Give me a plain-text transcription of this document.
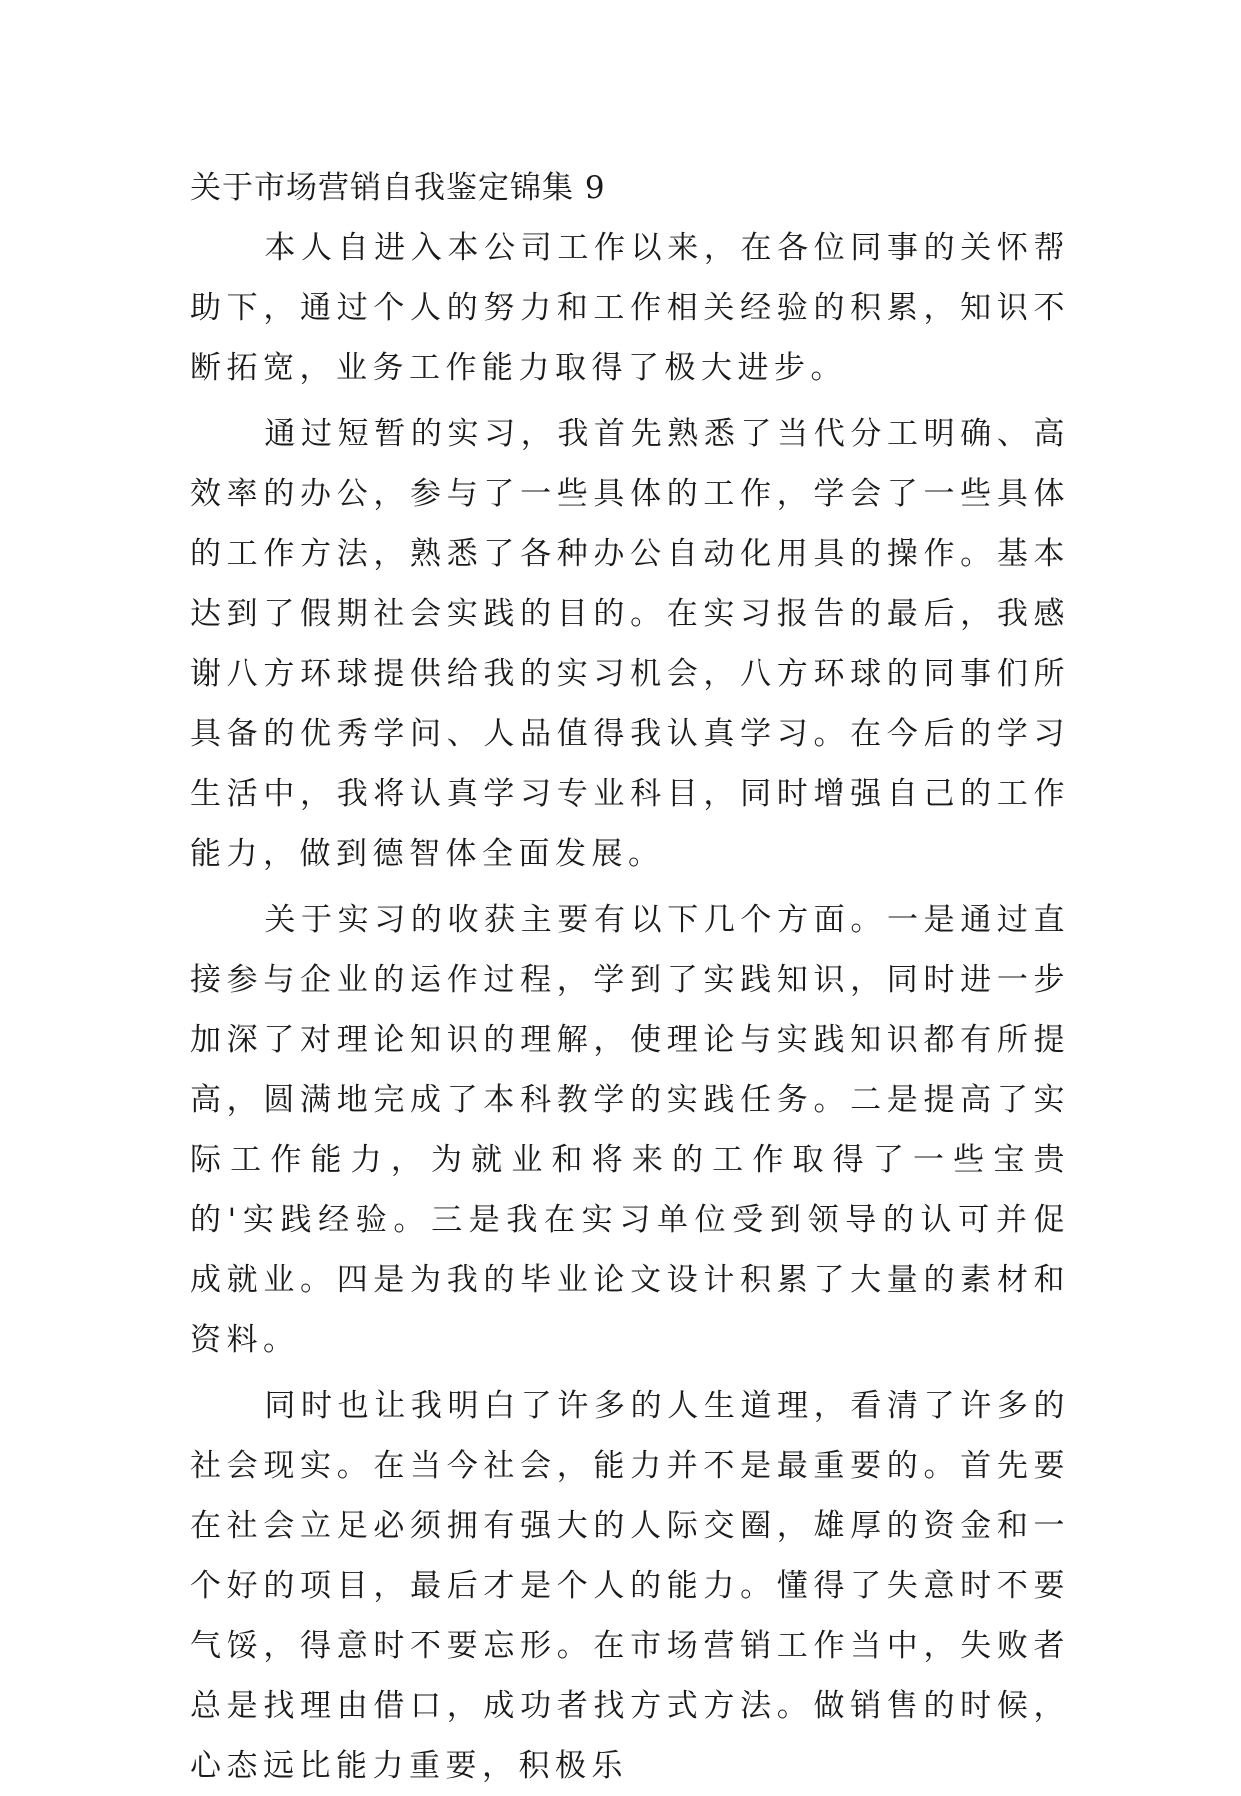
关于市场营销自我鉴定锦集 9

本人自进入本公司工作以来，在各位同事的关怀帮助下，通过个人的努力和工作相关经验的积累，知识不断拓宽，业务工作能力取得了极大进步。

通过短暂的实习，我首先熟悉了当代分工明确、高效率的办公，参与了一些具体的工作，学会了一些具体的工作方法，熟悉了各种办公自动化用具的操作。基本达到了假期社会实践的目的。在实习报告的最后，我感谢八方环球提供给我的实习机会，八方环球的同事们所具备的优秀学问、人品值得我认真学习。在今后的学习生活中，我将认真学习专业科目，同时增强自己的工作能力，做到德智体全面发展。

关于实习的收获主要有以下几个方面。一是通过直接参与企业的运作过程，学到了实践知识，同时进一步加深了对理论知识的理解，使理论与实践知识都有所提高，圆满地完成了本科教学的实践任务。二是提高了实际工作能力，为就业和将来的工作取得了一些宝贵的'实践经验。三是我在实习单位受到领导的认可并促成就业。四是为我的毕业论文设计积累了大量的素材和资料。

同时也让我明白了许多的人生道理，看清了许多的社会现实。在当今社会，能力并不是最重要的。首先要在社会立足必须拥有强大的人际交圈，雄厚的资金和一个好的项目，最后才是个人的能力。懂得了失意时不要气馁，得意时不要忘形。在市场营销工作当中，失败者总是找理由借口，成功者找方式方法。做销售的时候，心态远比能力重要，积极乐
